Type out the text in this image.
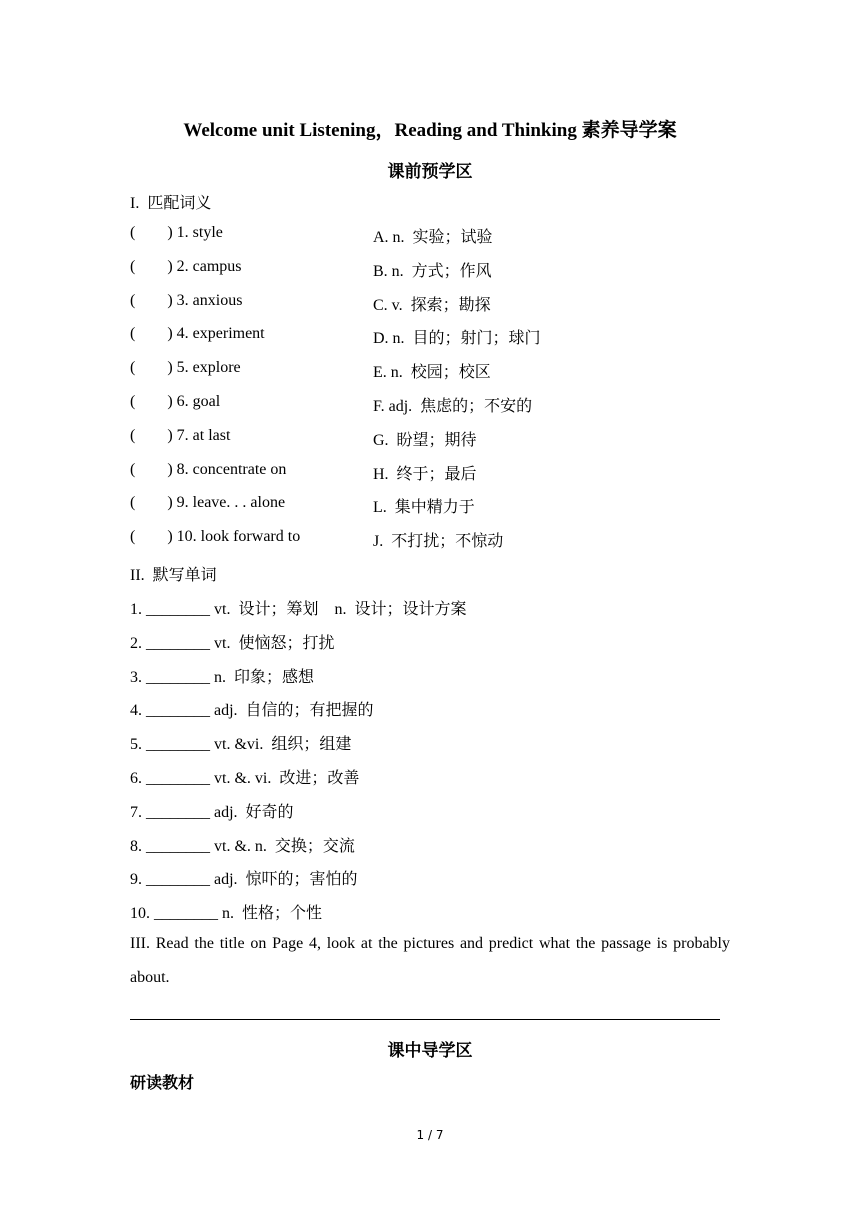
Welcome unit Listening，Reading and Thinking 素养导学案
课前预学区
I.  匹配词义
(        ) 1. style	A. n.  实验；试验
(        ) 2. campus	B. n.  方式；作风
(        ) 3. anxious	C. v.  探索；勘探
(        ) 4. experiment	D. n.  目的；射门；球门
(        ) 5. explore	E. n.  校园；校区
(        ) 6. goal	F. adj.  焦虑的；不安的
(        ) 7. at last	G.  盼望；期待
(        ) 8. concentrate on	H.  终于；最后
(        ) 9. leave. . . alone	L.  集中精力于
(        ) 10. look forward to	J.  不打扰；不惊动
II.  默写单词
1. ________ vt.  设计；筹划    n.  设计；设计方案
2. ________ vt.  使恼怒；打扰
3. ________ n.  印象；感想
4. ________ adj.  自信的；有把握的
5. ________ vt. &vi.  组织；组建
6. ________ vt. &. vi.  改进；改善
7. ________ adj.  好奇的
8. ________ vt. &. n.  交换；交流
9. ________ adj.  惊吓的；害怕的
10. ________ n.  性格；个性
III. Read the title on Page 4, look at the pictures and predict what the passage is probably about.
课中导学区
研读教材
1 / 7
